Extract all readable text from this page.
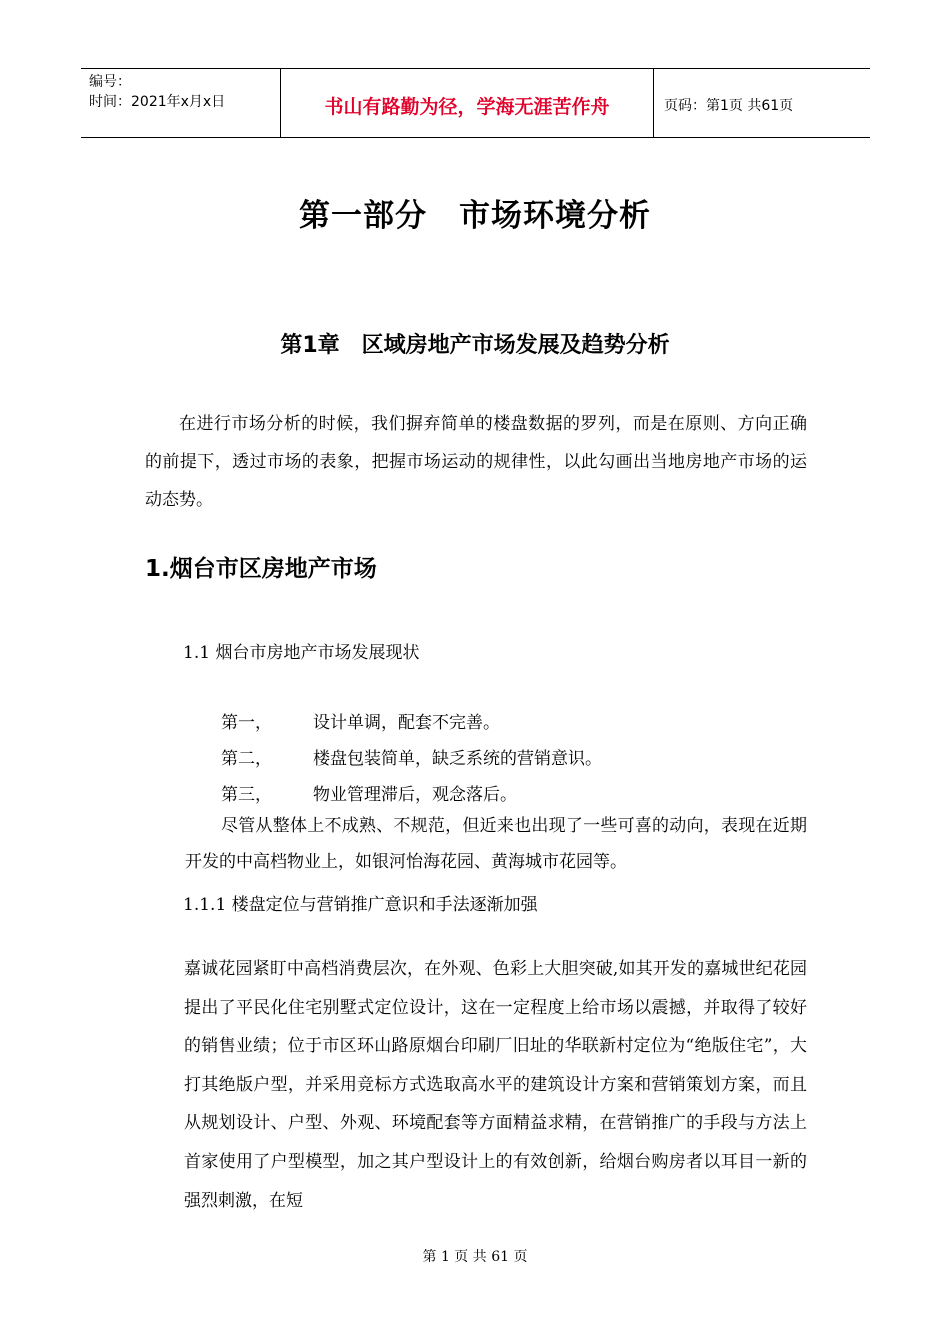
编号：
时间：2021年x月x日	书山有路勤为径，学海无涯苦作舟	页码：第1页 共61页
第一部分　市场环境分析
第1章　区域房地产市场发展及趋势分析
在进行市场分析的时候，我们摒弃简单的楼盘数据的罗列，而是在原则、方向正确的前提下，透过市场的表象，把握市场运动的规律性，以此勾画出当地房地产市场的运动态势。
1.烟台市区房地产市场
1.1 烟台市房地产市场发展现状
第一， 设计单调，配套不完善。
第二， 楼盘包装简单，缺乏系统的营销意识。
第三， 物业管理滞后，观念落后。
尽管从整体上不成熟、不规范，但近来也出现了一些可喜的动向，表现在近期开发的中高档物业上，如银河怡海花园、黄海城市花园等。
1.1.1 楼盘定位与营销推广意识和手法逐渐加强
嘉诚花园紧盯中高档消费层次，在外观、色彩上大胆突破,如其开发的嘉城世纪花园提出了平民化住宅别墅式定位设计，这在一定程度上给市场以震撼，并取得了较好的销售业绩；位于市区环山路原烟台印刷厂旧址的华联新村定位为“绝版住宅”，大打其绝版户型，并采用竞标方式选取高水平的建筑设计方案和营销策划方案，而且从规划设计、户型、外观、环境配套等方面精益求精，在营销推广的手段与方法上首家使用了户型模型，加之其户型设计上的有效创新，给烟台购房者以耳目一新的强烈刺激，在短
第 1 页 共 61 页
